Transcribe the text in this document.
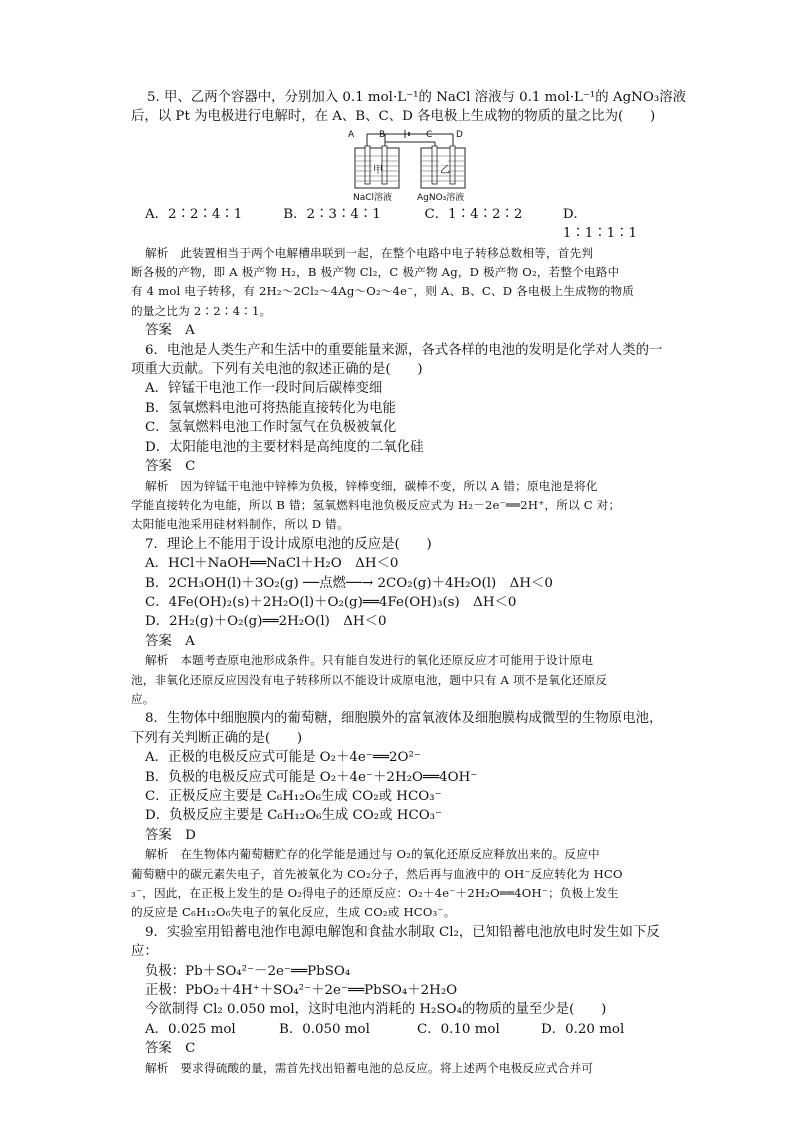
5. 甲、乙两个容器中，分别加入 0.1 mol·L⁻¹的 NaCl 溶液与 0.1 mol·L⁻¹的 AgNO₃溶液
后，以 Pt 为电极进行电解时，在 A、B、C、D 各电极上生成物的物质的量之比为(　　)
A	B	C	D
甲	乙
NaCl溶液	AgNO₃溶液
A．2∶2∶4∶1	B．2∶3∶4∶1	C．1∶4∶2∶2	D．1∶1∶1∶1
解析　此装置相当于两个电解槽串联到一起，在整个电路中电子转移总数相等，首先判
断各极的产物，即 A 极产物 H₂，B 极产物 Cl₂，C 极产物 Ag，D 极产物 O₂，若整个电路中
有 4 mol 电子转移，有 2H₂～2Cl₂～4Ag～O₂～4e⁻，则 A、B、C、D 各电极上生成物的物质
的量之比为 2∶2∶4∶1。
答案　A
6．电池是人类生产和生活中的重要能量来源，各式各样的电池的发明是化学对人类的一
项重大贡献。下列有关电池的叙述正确的是(　　)
A．锌锰干电池工作一段时间后碳棒变细
B．氢氧燃料电池可将热能直接转化为电能
C．氢氧燃料电池工作时氢气在负极被氧化
D．太阳能电池的主要材料是高纯度的二氧化硅
答案　C
解析　因为锌锰干电池中锌棒为负极，锌棒变细，碳棒不变，所以 A 错；原电池是将化
学能直接转化为电能，所以 B 错；氢氧燃料电池负极反应式为 H₂－2e⁻══2H⁺，所以 C 对；
太阳能电池采用硅材料制作，所以 D 错。
7．理论上不能用于设计成原电池的反应是(　　)
A．HCl＋NaOH══NaCl＋H₂O　ΔH＜0
B．2CH₃OH(l)＋3O₂(g) ──点燃──→ 2CO₂(g)＋4H₂O(l)　ΔH＜0
C．4Fe(OH)₂(s)＋2H₂O(l)＋O₂(g)══4Fe(OH)₃(s)　ΔH＜0
D．2H₂(g)＋O₂(g)══2H₂O(l)　ΔH＜0
答案　A
解析　本题考查原电池形成条件。只有能自发进行的氧化还原反应才可能用于设计原电
池，非氧化还原反应因没有电子转移所以不能设计成原电池，题中只有 A 项不是氧化还原反
应。
8．生物体中细胞膜内的葡萄糖，细胞膜外的富氧液体及细胞膜构成微型的生物原电池，
下列有关判断正确的是(　　)
A．正极的电极反应式可能是 O₂＋4e⁻══2O²⁻
B．负极的电极反应式可能是 O₂＋4e⁻＋2H₂O══4OH⁻
C．正极反应主要是 C₆H₁₂O₆生成 CO₂或 HCO₃⁻
D．负极反应主要是 C₆H₁₂O₆生成 CO₂或 HCO₃⁻
答案　D
解析　在生物体内葡萄糖贮存的化学能是通过与 O₂的氧化还原反应释放出来的。反应中
葡萄糖中的碳元素失电子，首先被氧化为 CO₂分子，然后再与血液中的 OH⁻反应转化为 HCO
₃⁻，因此，在正极上发生的是 O₂得电子的还原反应：O₂＋4e⁻＋2H₂O══4OH⁻；负极上发生
的反应是 C₆H₁₂O₆失电子的氧化反应，生成 CO₂或 HCO₃⁻。
9．实验室用铅蓄电池作电源电解饱和食盐水制取 Cl₂，已知铅蓄电池放电时发生如下反
应：
负极：Pb＋SO₄²⁻－2e⁻══PbSO₄
正极：PbO₂＋4H⁺＋SO₄²⁻＋2e⁻══PbSO₄＋2H₂O
今欲制得 Cl₂ 0.050 mol，这时电池内消耗的 H₂SO₄的物质的量至少是(　　)
A．0.025 mol	B．0.050 mol	C．0.10 mol	D．0.20 mol
答案　C
解析　要求得硫酸的量，需首先找出铅蓄电池的总反应。将上述两个电极反应式合并可
